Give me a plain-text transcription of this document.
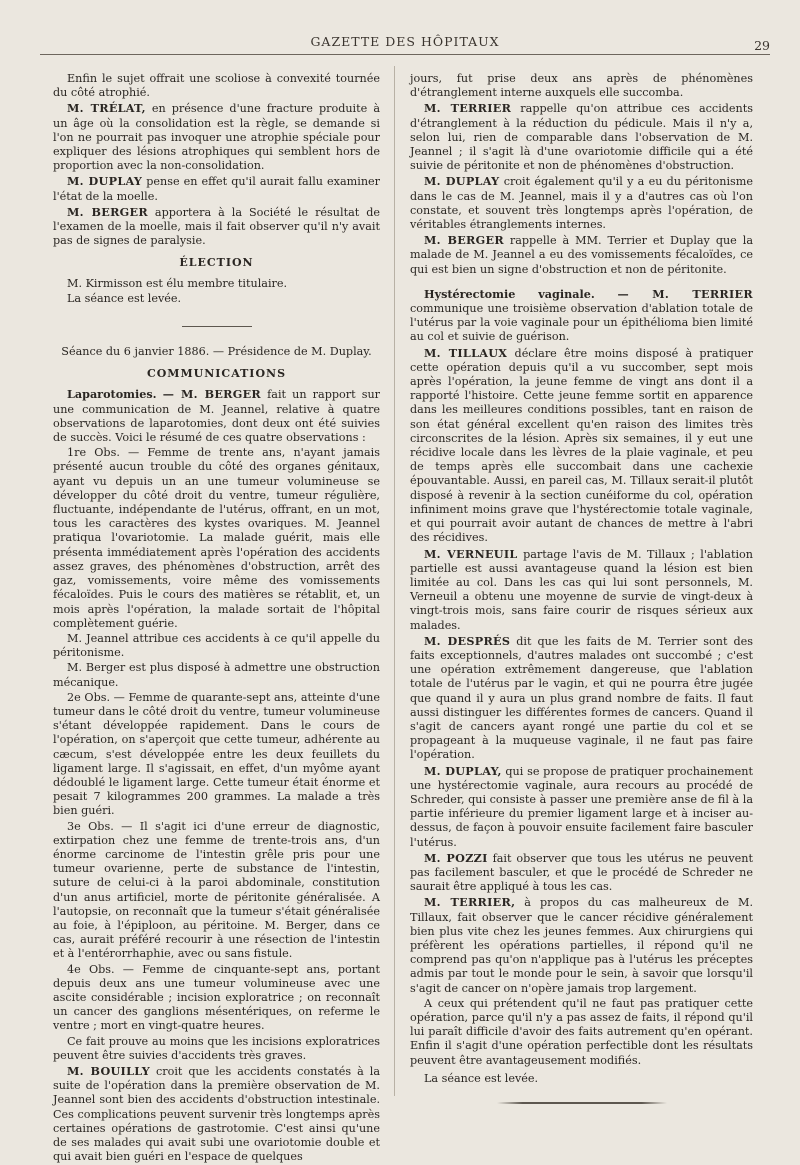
GAZETTE DES HÔPITAUX	29

Enfin le sujet offrait une scoliose à convexité tournée du côté atrophié.

M. TRÉLAT, en présence d'une fracture produite à un âge où la consolidation est la règle, se demande si l'on ne pourrait pas invoquer une atrophie spéciale pour expliquer des lésions atrophiques qui semblent hors de proportion avec la non-consolidation.

M. DUPLAY pense en effet qu'il aurait fallu examiner l'état de la moelle.

M. BERGER apportera à la Société le résultat de l'examen de la moelle, mais il fait observer qu'il n'y avait pas de signes de paralysie.

ÉLECTION

M. Kirmisson est élu membre titulaire.

La séance est levée.

Séance du 6 janvier 1886. — Présidence de M. Duplay.

COMMUNICATIONS

Laparotomies. — M. BERGER fait un rapport sur une communication de M. Jeannel, relative à quatre observations de laparotomies, dont deux ont été suivies de succès. Voici le résumé de ces quatre observations :

1re Obs. — Femme de trente ans, n'ayant jamais présenté aucun trouble du côté des organes génitaux, ayant vu depuis un an une tumeur volumineuse se développer du côté droit du ventre, tumeur régulière, fluctuante, indépendante de l'utérus, offrant, en un mot, tous les caractères des kystes ovariques. M. Jeannel pratiqua l'ovariotomie. La malade guérit, mais elle présenta immédiatement après l'opération des accidents assez graves, des phénomènes d'obstruction, arrêt des gaz, vomissements, voire même des vomissements fécaloïdes. Puis le cours des matières se rétablit, et, un mois après l'opération, la malade sortait de l'hôpital complètement guérie.

M. Jeannel attribue ces accidents à ce qu'il appelle du péritonisme.

M. Berger est plus disposé à admettre une obstruction mécanique.

2e Obs. — Femme de quarante-sept ans, atteinte d'une tumeur dans le côté droit du ventre, tumeur volumineuse s'étant développée rapidement. Dans le cours de l'opération, on s'aperçoit que cette tumeur, adhérente au cæcum, s'est développée entre les deux feuillets du ligament large. Il s'agissait, en effet, d'un myôme ayant dédoublé le ligament large. Cette tumeur était énorme et pesait 7 kilogrammes 200 grammes. La malade a très bien guéri.

3e Obs. — Il s'agit ici d'une erreur de diagnostic, extirpation chez une femme de trente-trois ans, d'un énorme carcinome de l'intestin grêle pris pour une tumeur ovarienne, perte de substance de l'intestin, suture de celui-ci à la paroi abdominale, constitution d'un anus artificiel, morte de péritonite généralisée. A l'autopsie, on reconnaît que la tumeur s'était généralisée au foie, à l'épiploon, au péritoine. M. Berger, dans ce cas, aurait préféré recourir à une résection de l'intestin et à l'entérorrhaphie, avec ou sans fistule.

4e Obs. — Femme de cinquante-sept ans, portant depuis deux ans une tumeur volumineuse avec une ascite considérable ; incision exploratrice ; on reconnaît un cancer des ganglions mésentériques, on referme le ventre ; mort en vingt-quatre heures.

Ce fait prouve au moins que les incisions exploratrices peuvent être suivies d'accidents très graves.

M. BOUILLY croit que les accidents constatés à la suite de l'opération dans la première observation de M. Jeannel sont bien des accidents d'obstruction intestinale. Ces complications peuvent survenir très longtemps après certaines opérations de gastrotomie. C'est ainsi qu'une de ses malades qui avait subi une ovariotomie double et qui avait bien guéri en l'espace de quelques

jours, fut prise deux ans après de phénomènes d'étranglement interne auxquels elle succomba.

M. TERRIER rappelle qu'on attribue ces accidents d'étranglement à la réduction du pédicule. Mais il n'y a, selon lui, rien de comparable dans l'observation de M. Jeannel ; il s'agit là d'une ovariotomie difficile qui a été suivie de péritonite et non de phénomènes d'obstruction.

M. DUPLAY croit également qu'il y a eu du péritonisme dans le cas de M. Jeannel, mais il y a d'autres cas où l'on constate, et souvent très longtemps après l'opération, de véritables étranglements internes.

M. BERGER rappelle à MM. Terrier et Duplay que la malade de M. Jeannel a eu des vomissements fécaloïdes, ce qui est bien un signe d'obstruction et non de péritonite.

Hystérectomie vaginale. — M. TERRIER communique une troisième observation d'ablation totale de l'utérus par la voie vaginale pour un épithélioma bien limité au col et suivie de guérison.

M. TILLAUX déclare être moins disposé à pratiquer cette opération depuis qu'il a vu succomber, sept mois après l'opération, la jeune femme de vingt ans dont il a rapporté l'histoire. Cette jeune femme sortit en apparence dans les meilleures conditions possibles, tant en raison de son état général excellent qu'en raison des limites très circonscrites de la lésion. Après six semaines, il y eut une récidive locale dans les lèvres de la plaie vaginale, et peu de temps après elle succombait dans une cachexie épouvantable. Aussi, en pareil cas, M. Tillaux serait-il plutôt disposé à revenir à la section cunéiforme du col, opération infiniment moins grave que l'hystérectomie totale vaginale, et qui pourrait avoir autant de chances de mettre à l'abri des récidives.

M. VERNEUIL partage l'avis de M. Tillaux ; l'ablation partielle est aussi avantageuse quand la lésion est bien limitée au col. Dans les cas qui lui sont personnels, M. Verneuil a obtenu une moyenne de survie de vingt-deux à vingt-trois mois, sans faire courir de risques sérieux aux malades.

M. DESPRÉS dit que les faits de M. Terrier sont des faits exceptionnels, d'autres malades ont succombé ; c'est une opération extrêmement dangereuse, que l'ablation totale de l'utérus par le vagin, et qui ne pourra être jugée que quand il y aura un plus grand nombre de faits. Il faut aussi distinguer les différentes formes de cancers. Quand il s'agit de cancers ayant rongé une partie du col et se propageant à la muqueuse vaginale, il ne faut pas faire l'opération.

M. DUPLAY, qui se propose de pratiquer prochainement une hystérectomie vaginale, aura recours au procédé de Schreder, qui consiste à passer une première anse de fil à la partie inférieure du premier ligament large et à inciser au-dessus, de façon à pouvoir ensuite facilement faire basculer l'utérus.

M. POZZI fait observer que tous les utérus ne peuvent pas facilement basculer, et que le procédé de Schreder ne saurait être appliqué à tous les cas.

M. TERRIER, à propos du cas malheureux de M. Tillaux, fait observer que le cancer récidive généralement bien plus vite chez les jeunes femmes. Aux chirurgiens qui préfèrent les opérations partielles, il répond qu'il ne comprend pas qu'on n'applique pas à l'utérus les préceptes admis par tout le monde pour le sein, à savoir que lorsqu'il s'agit de cancer on n'opère jamais trop largement.

A ceux qui prétendent qu'il ne faut pas pratiquer cette opération, parce qu'il n'y a pas assez de faits, il répond qu'il lui paraît difficile d'avoir des faits autrement qu'en opérant. Enfin il s'agit d'une opération perfectible dont les résultats peuvent être avantageusement modifiés.

La séance est levée.
